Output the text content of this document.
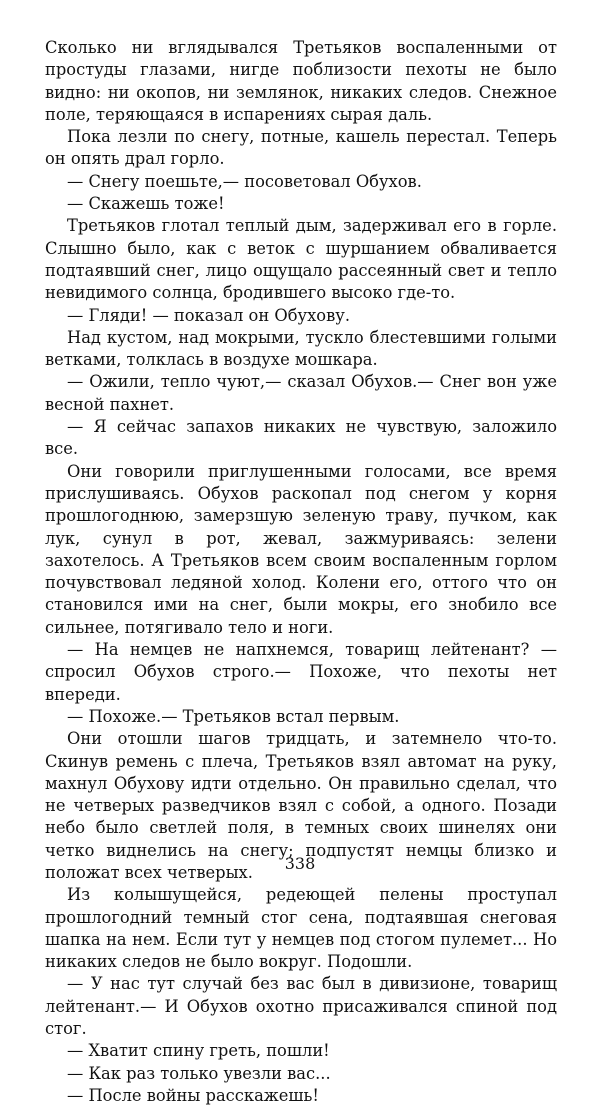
Сколько ни вглядывался Третьяков воспаленными от простуды глазами, нигде поблизости пехоты не было видно: ни окопов, ни землянок, никаких следов. Снежное поле, теряющаяся в испарениях сырая даль.

Пока лезли по снегу, потные, кашель перестал. Теперь он опять драл горло.

— Снегу поешьте,— посоветовал Обухов.

— Скажешь тоже!

Третьяков глотал теплый дым, задерживал его в горле. Слышно было, как с веток с шуршанием обваливается подтаявший снег, лицо ощущало рассеянный свет и тепло невидимого солнца, бродившего высоко где-то.

— Гляди! — показал он Обухову.

Над кустом, над мокрыми, тускло блестевшими голыми ветками, толклась в воздухе мошкара.

— Ожили, тепло чуют,— сказал Обухов.— Снег вон уже весной пахнет.

— Я сейчас запахов никаких не чувствую, заложило все.

Они говорили приглушенными голосами, все время прислушиваясь. Обухов раскопал под снегом у корня прошлогоднюю, замерзшую зеленую траву, пучком, как лук, сунул в рот, жевал, зажмуриваясь: зелени захотелось. А Третьяков всем своим воспаленным горлом почувствовал ледяной холод. Колени его, оттого что он становился ими на снег, были мокры, его знобило все сильнее, потягивало тело и ноги.

— На немцев не напхнемся, товарищ лейтенант? — спросил Обухов строго.— Похоже, что пехоты нет впереди.

— Похоже.— Третьяков встал первым.

Они отошли шагов тридцать, и затемнело что-то. Скинув ремень с плеча, Третьяков взял автомат на руку, махнул Обухову идти отдельно. Он правильно сделал, что не четверых разведчиков взял с собой, а одного. Позади небо было светлей поля, в темных своих шинелях они четко виднелись на снегу; подпустят немцы близко и положат всех четверых.

Из колышущейся, редеющей пелены проступал прошлогодний темный стог сена, подтаявшая снеговая шапка на нем. Если тут у немцев под стогом пулемет... Но никаких следов не было вокруг. Подошли.

— У нас тут случай без вас был в дивизионе, товарищ лейтенант.— И Обухов охотно присаживался спиной под стог.

— Хватит спину греть, пошли!

— Как раз только увезли вас...

— После войны расскажешь!

338
